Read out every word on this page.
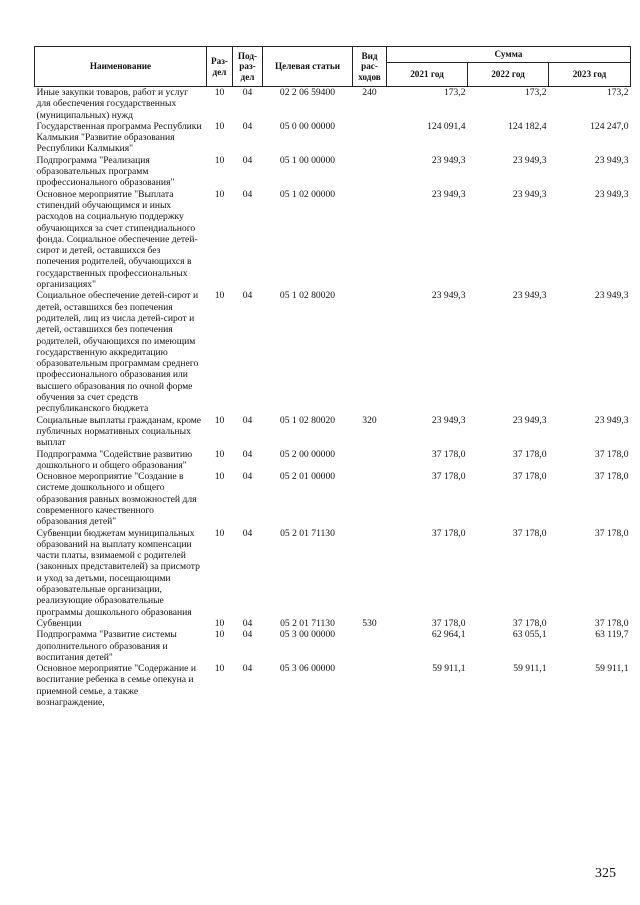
Наименование	Раз-дел	Под-раз-дел	Целевая статьи	Вид рас-ходов	Сумма		
					2021 год	2022 год	2023 год
Иные закупки товаров, работ и услуг для обеспечения государственных (муниципальных) нужд	10	04	02 2 06 59400	240	173,2	173,2	173,2
Государственная программа Республики Калмыкия "Развитие образования Республики Калмыкия"	10	04	05 0 00 00000		124 091,4	124 182,4	124 247,0
Подпрограмма "Реализация образовательных программ профессионального образования"	10	04	05 1 00 00000		23 949,3	23 949,3	23 949,3
Основное мероприятие "Выплата стипендий обучающимся и иных расходов на социальную поддержку обучающихся за счет стипендиального фонда. Социальное обеспечение детей-сирот и детей, оставшихся без попечения родителей, обучающихся в государственных профессиональных организациях"	10	04	05 1 02 00000		23 949,3	23 949,3	23 949,3
Социальное обеспечение детей-сирот и детей, оставшихся без попечения родителей, лиц из числа детей-сирот и детей, оставшихся без попечения родителей, обучающихся по имеющим государственную аккредитацию образовательным программам среднего профессионального образования или высшего образования по очной форме обучения за счет средств республиканского бюджета	10	04	05 1 02 80020		23 949,3	23 949,3	23 949,3
Социальные выплаты гражданам, кроме публичных нормативных социальных выплат	10	04	05 1 02 80020	320	23 949,3	23 949,3	23 949,3
Подпрограмма "Содействие развитию дошкольного и общего образования"	10	04	05 2 00 00000		37 178,0	37 178,0	37 178,0
Основное мероприятие "Создание в системе дошкольного и общего образования равных возможностей для современного качественного образования детей"	10	04	05 2 01 00000		37 178,0	37 178,0	37 178,0
Субвенции бюджетам муниципальных образований на выплату компенсации части платы, взимаемой с родителей (законных представителей) за присмотр и уход за детьми, посещающими образовательные организации, реализующие образовательные программы дошкольного образования	10	04	05 2 01 71130		37 178,0	37 178,0	37 178,0
Субвенции	10	04	05 2 01 71130	530	37 178,0	37 178,0	37 178,0
Подпрограмма "Развитие системы дополнительного образования и воспитания детей"	10	04	05 3 00 00000		62 964,1	63 055,1	63 119,7
Основное мероприятие "Содержание и воспитание ребенка в семье опекуна и приемной семье, а также вознаграждение,	10	04	05 3 06 00000		59 911,1	59 911,1	59 911,1
325
